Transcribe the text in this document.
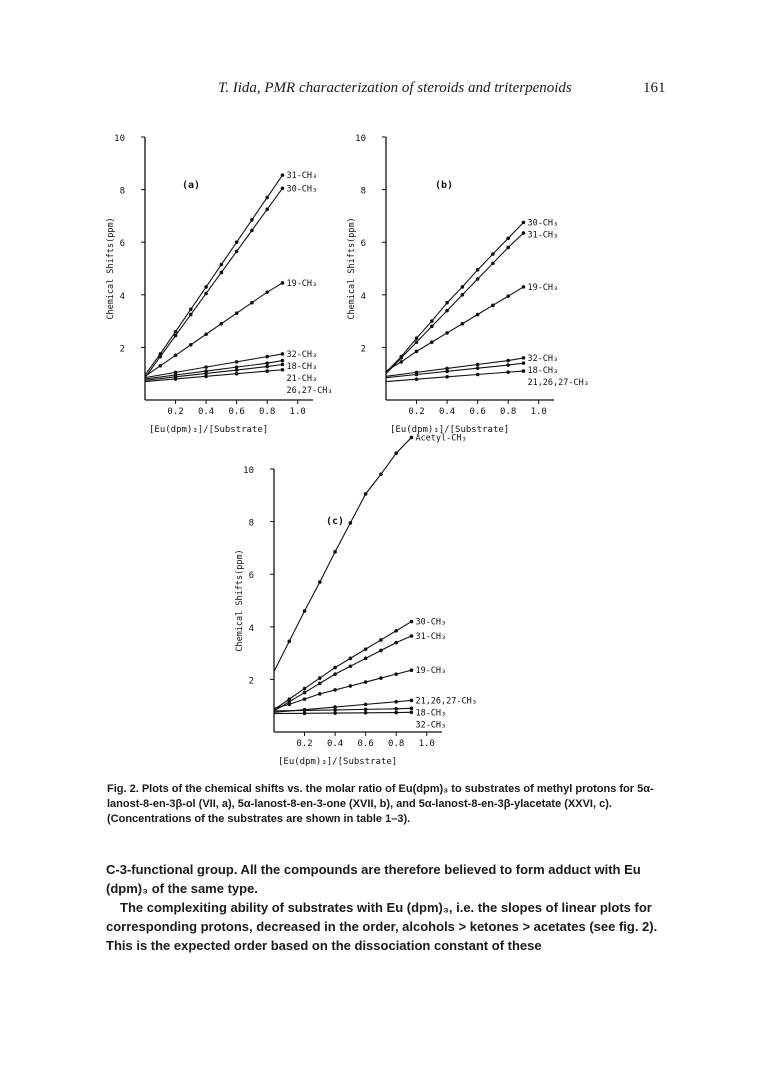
T. Iida, PMR characterization of steroids and triterpenoids	161
2
4
6
8
10
0.2 0.4 0.6 0.8 1.0
[Eu(dpm)₃]/[Substrate]
Chemical Shifts(ppm)
(a)
31-CH₃
30-CH₃
19-CH₃
32-CH₃
18-CH₃
21-CH₃
26,27-CH₃
2
4
6
8
10
0.2 0.4 0.6 0.8 1.0
[Eu(dpm)₃]/[Substrate]
Chemical Shifts(ppm)
(b)
30-CH₃
31-CH₃
19-CH₃
32-CH₃
18-CH₃
21,26,27-CH₃
2
4
6
8
10
0.2 0.4 0.6 0.8 1.0
[Eu(dpm)₃]/[Substrate]
Chemical Shifts(ppm)
(c)
Acetyl-CH₃
30-CH₃
31-CH₃
19-CH₃
21,26,27-CH₃
18-CH₃
32-CH₃

Fig. 2. Plots of the chemical shifts vs. the molar ratio of Eu(dpm)₃ to substrates of methyl protons for 5α-lanost-8-en-3β-ol (VII, a), 5α-lanost-8-en-3-one (XVII, b), and 5α-lanost-8-en-3β-ylacetate (XXVI, c). (Concentrations of the substrates are shown in table 1–3).

C-3-functional group. All the compounds are therefore believed to form adduct with Eu (dpm)₃ of the same type.

The complexiting ability of substrates with Eu (dpm)₃, i.e. the slopes of linear plots for corresponding protons, decreased in the order, alcohols > ketones > acetates (see fig. 2). This is the expected order based on the dissociation constant of these
